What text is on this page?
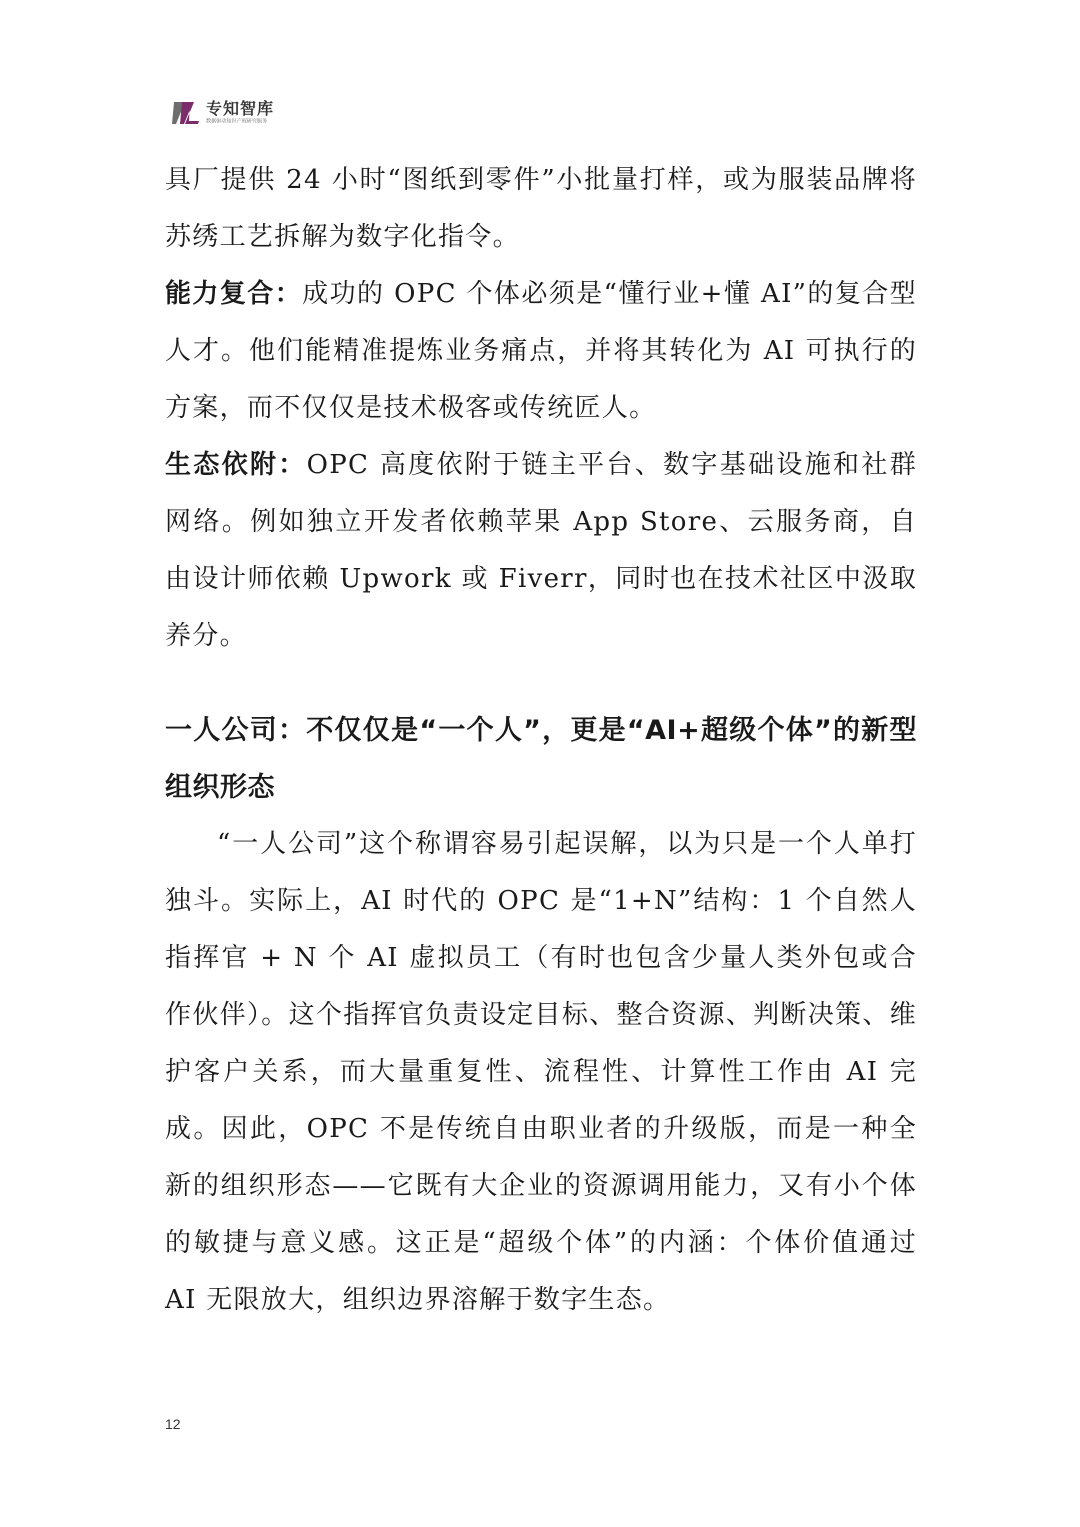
专知智库
数据驱动知识产权研究服务

具厂提供 24 小时“图纸到零件”小批量打样，或为服装品牌将苏绣工艺拆解为数字化指令。

能力复合：成功的 OPC 个体必须是“懂行业+懂 AI”的复合型人才。他们能精准提炼业务痛点，并将其转化为 AI 可执行的方案，而不仅仅是技术极客或传统匠人。

生态依附：OPC 高度依附于链主平台、数字基础设施和社群网络。例如独立开发者依赖苹果 App Store、云服务商，自由设计师依赖 Upwork 或 Fiverr，同时也在技术社区中汲取养分。

一人公司：不仅仅是“一个人”，更是“AI+超级个体”的新型组织形态

“一人公司”这个称谓容易引起误解，以为只是一个人单打独斗。实际上，AI 时代的 OPC 是“1+N”结构：1 个自然人指挥官 + N 个 AI 虚拟员工（有时也包含少量人类外包或合作伙伴）。这个指挥官负责设定目标、整合资源、判断决策、维护客户关系，而大量重复性、流程性、计算性工作由 AI 完成。因此，OPC 不是传统自由职业者的升级版，而是一种全新的组织形态——它既有大企业的资源调用能力，又有小个体的敏捷与意义感。这正是“超级个体”的内涵：个体价值通过 AI 无限放大，组织边界溶解于数字生态。

12
